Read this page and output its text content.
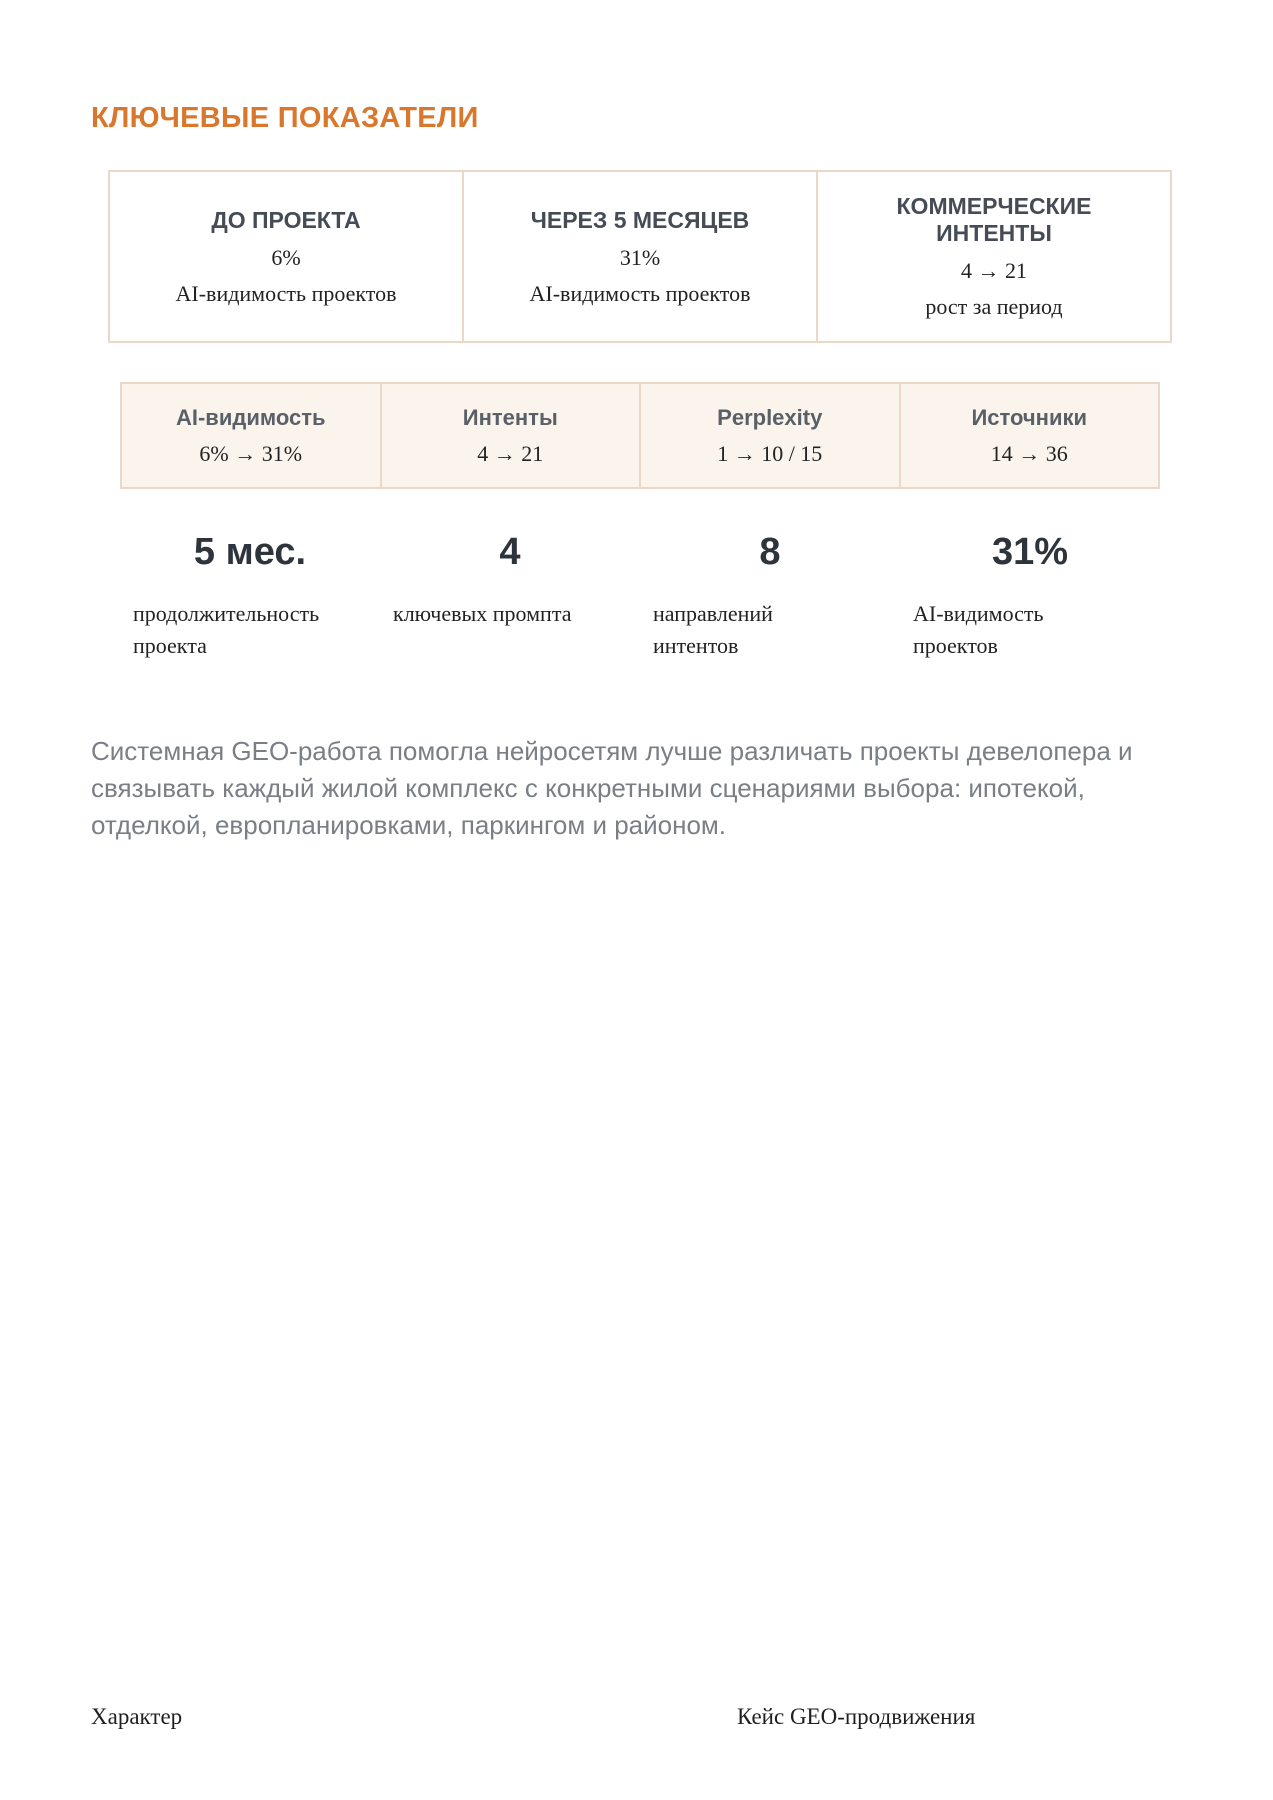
КЛЮЧЕВЫЕ ПОКАЗАТЕЛИ
ДО ПРОЕКТА
6%
AI-видимость проектов
ЧЕРЕЗ 5 МЕСЯЦЕВ
31%
AI-видимость проектов
КОММЕРЧЕСКИЕ ИНТЕНТЫ
4 → 21
рост за период
AI-видимость
6% → 31%
Интенты
4 → 21
Perplexity
1 → 10 / 15
Источники
14 → 36
5 мес.
продолжительность проекта
4
ключевых промпта
8
направлений интентов
31%
AI-видимость проектов
Системная GEO-работа помогла нейросетям лучше различать проекты девелопера и связывать каждый жилой комплекс с конкретными сценариями выбора: ипотекой, отделкой, европланировками, паркингом и районом.
Характер	Кейс GEO-продвижения
